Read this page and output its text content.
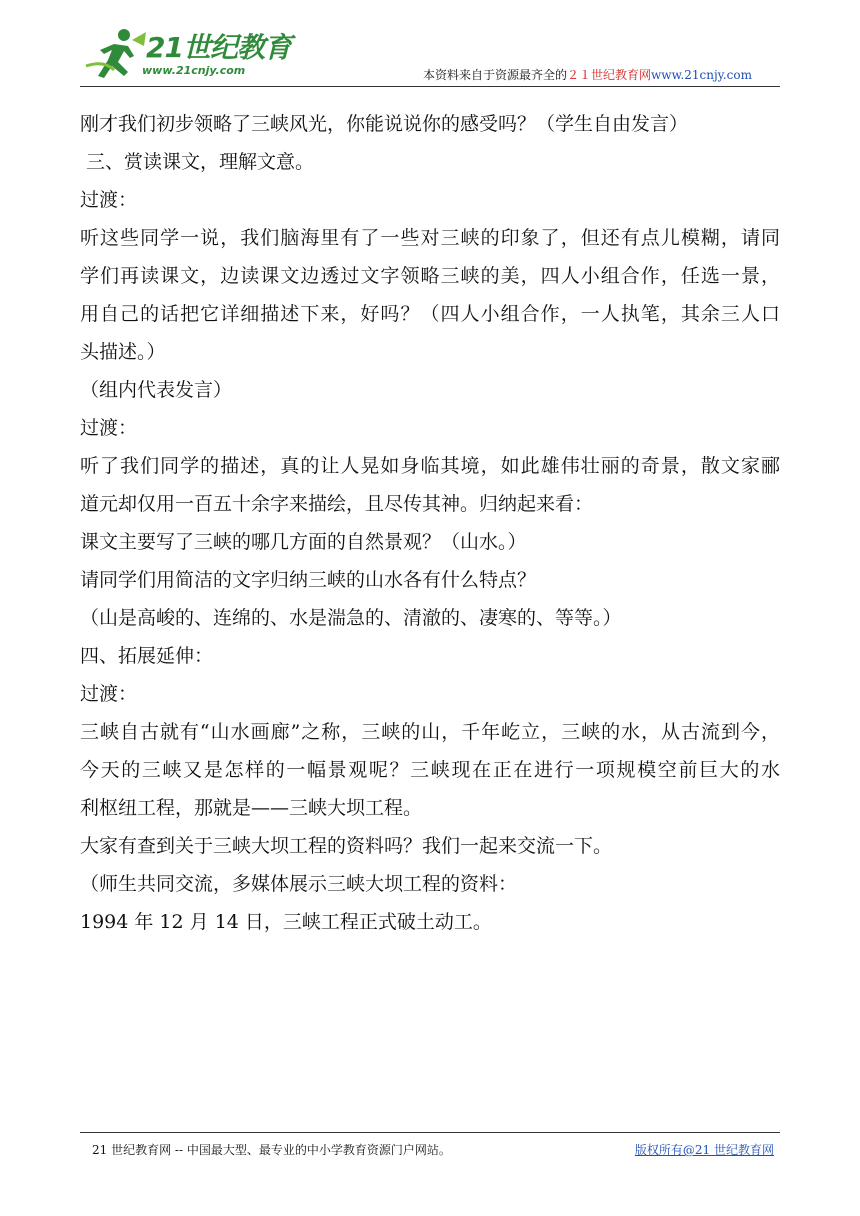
21世纪教育
www.21cnjy.com	本资料来自于资源最齐全的２１世纪教育网www.21cnjy.com

刚才我们初步领略了三峡风光，你能说说你的感受吗？（学生自由发言）

三、赏读课文，理解文意。

过渡：

听这些同学一说，我们脑海里有了一些对三峡的印象了，但还有点儿模糊，请同

学们再读课文，边读课文边透过文字领略三峡的美，四人小组合作，任选一景，

用自己的话把它详细描述下来，好吗？（四人小组合作，一人执笔，其余三人口

头描述。）

（组内代表发言）

过渡：

听了我们同学的描述，真的让人晃如身临其境，如此雄伟壮丽的奇景，散文家郦

道元却仅用一百五十余字来描绘，且尽传其神。归纳起来看：

课文主要写了三峡的哪几方面的自然景观？（山水。）

请同学们用简洁的文字归纳三峡的山水各有什么特点？

（山是高峻的、连绵的、水是湍急的、清澈的、凄寒的、等等。）

四、拓展延伸：

过渡：

三峡自古就有“山水画廊”之称，三峡的山，千年屹立，三峡的水，从古流到今，

今天的三峡又是怎样的一幅景观呢？三峡现在正在进行一项规模空前巨大的水

利枢纽工程，那就是——三峡大坝工程。

大家有查到关于三峡大坝工程的资料吗？我们一起来交流一下。

（师生共同交流，多媒体展示三峡大坝工程的资料：

1994 年 12 月 14 日，三峡工程正式破土动工。

21 世纪教育网 -- 中国最大型、最专业的中小学教育资源门户网站。	版权所有@21 世纪教育网
